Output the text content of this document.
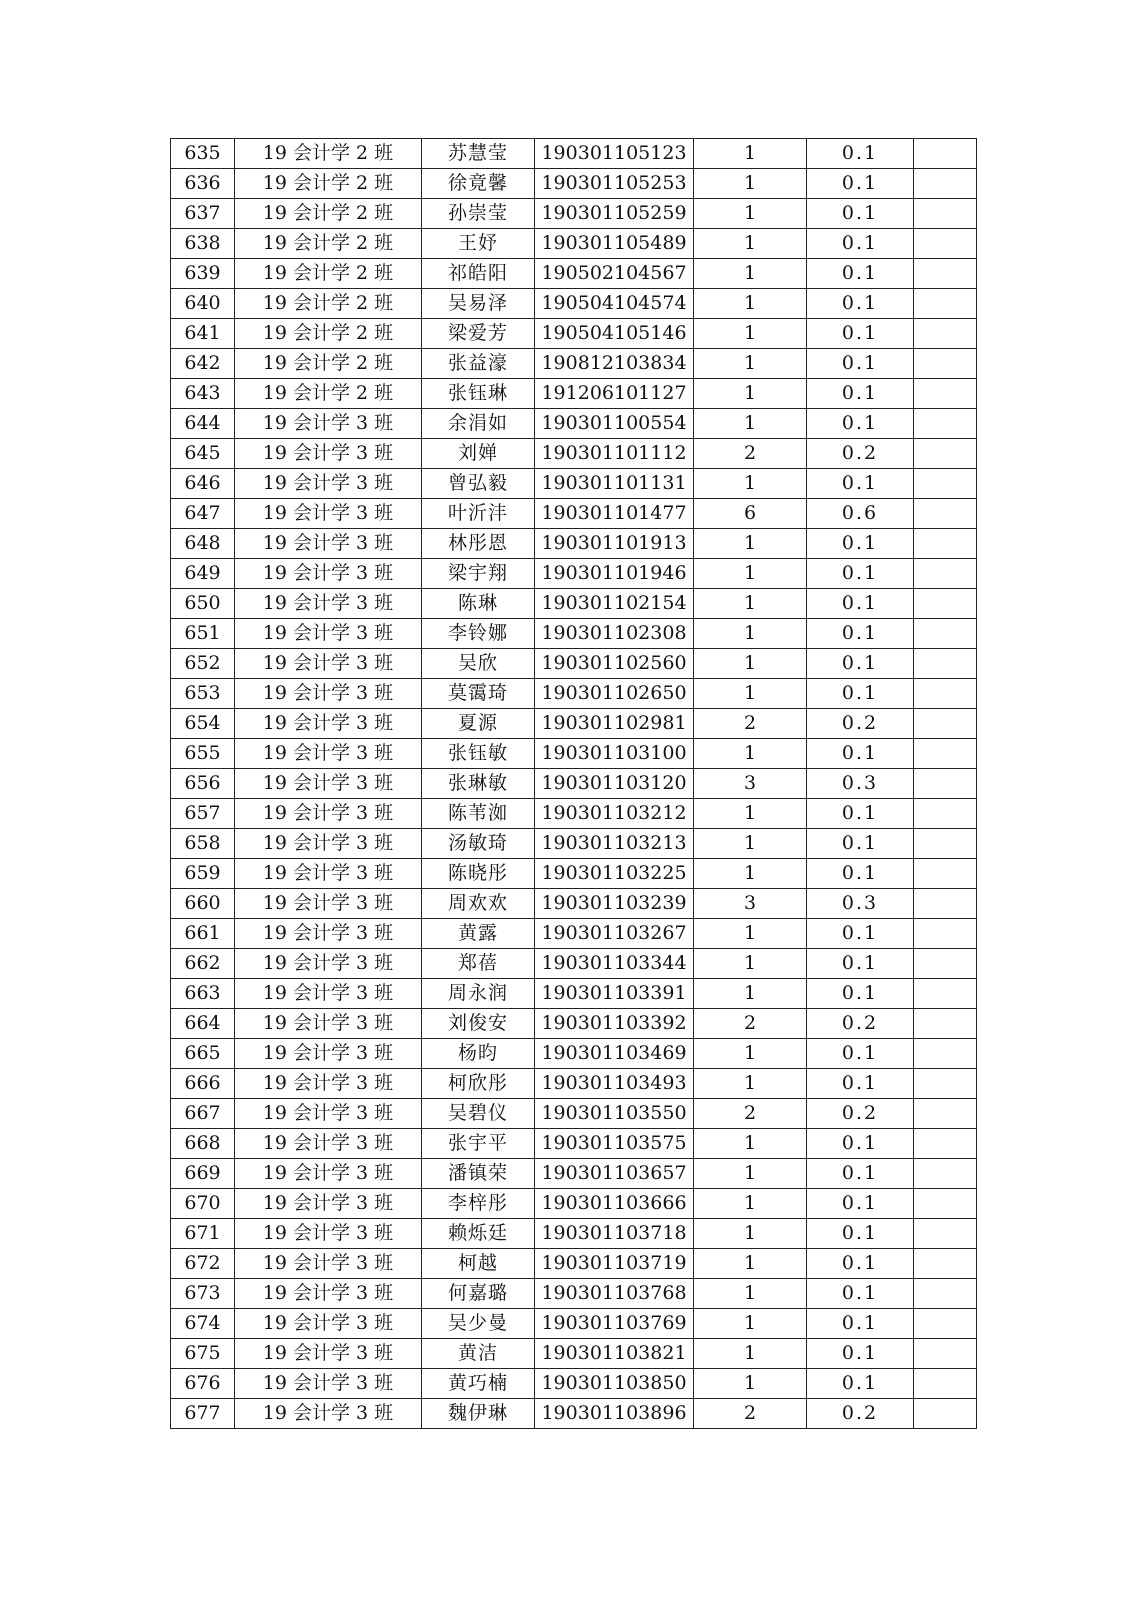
635	19 会计学 2 班	苏慧莹	190301105123	1	0.1	
636	19 会计学 2 班	徐竟馨	190301105253	1	0.1	
637	19 会计学 2 班	孙崇莹	190301105259	1	0.1	
638	19 会计学 2 班	王妤	190301105489	1	0.1	
639	19 会计学 2 班	祁皓阳	190502104567	1	0.1	
640	19 会计学 2 班	吴易泽	190504104574	1	0.1	
641	19 会计学 2 班	梁爱芳	190504105146	1	0.1	
642	19 会计学 2 班	张益濠	190812103834	1	0.1	
643	19 会计学 2 班	张钰琳	191206101127	1	0.1	
644	19 会计学 3 班	余涓如	190301100554	1	0.1	
645	19 会计学 3 班	刘婵	190301101112	2	0.2	
646	19 会计学 3 班	曾弘毅	190301101131	1	0.1	
647	19 会计学 3 班	叶沂沣	190301101477	6	0.6	
648	19 会计学 3 班	林彤恩	190301101913	1	0.1	
649	19 会计学 3 班	梁宇翔	190301101946	1	0.1	
650	19 会计学 3 班	陈琳	190301102154	1	0.1	
651	19 会计学 3 班	李铃娜	190301102308	1	0.1	
652	19 会计学 3 班	吴欣	190301102560	1	0.1	
653	19 会计学 3 班	莫霭琦	190301102650	1	0.1	
654	19 会计学 3 班	夏源	190301102981	2	0.2	
655	19 会计学 3 班	张钰敏	190301103100	1	0.1	
656	19 会计学 3 班	张琳敏	190301103120	3	0.3	
657	19 会计学 3 班	陈苇洳	190301103212	1	0.1	
658	19 会计学 3 班	汤敏琦	190301103213	1	0.1	
659	19 会计学 3 班	陈晓彤	190301103225	1	0.1	
660	19 会计学 3 班	周欢欢	190301103239	3	0.3	
661	19 会计学 3 班	黄露	190301103267	1	0.1	
662	19 会计学 3 班	郑蓓	190301103344	1	0.1	
663	19 会计学 3 班	周永润	190301103391	1	0.1	
664	19 会计学 3 班	刘俊安	190301103392	2	0.2	
665	19 会计学 3 班	杨昀	190301103469	1	0.1	
666	19 会计学 3 班	柯欣彤	190301103493	1	0.1	
667	19 会计学 3 班	吴碧仪	190301103550	2	0.2	
668	19 会计学 3 班	张宇平	190301103575	1	0.1	
669	19 会计学 3 班	潘镇荣	190301103657	1	0.1	
670	19 会计学 3 班	李梓彤	190301103666	1	0.1	
671	19 会计学 3 班	赖烁廷	190301103718	1	0.1	
672	19 会计学 3 班	柯越	190301103719	1	0.1	
673	19 会计学 3 班	何嘉璐	190301103768	1	0.1	
674	19 会计学 3 班	吴少曼	190301103769	1	0.1	
675	19 会计学 3 班	黄洁	190301103821	1	0.1	
676	19 会计学 3 班	黄巧楠	190301103850	1	0.1	
677	19 会计学 3 班	魏伊琳	190301103896	2	0.2	
